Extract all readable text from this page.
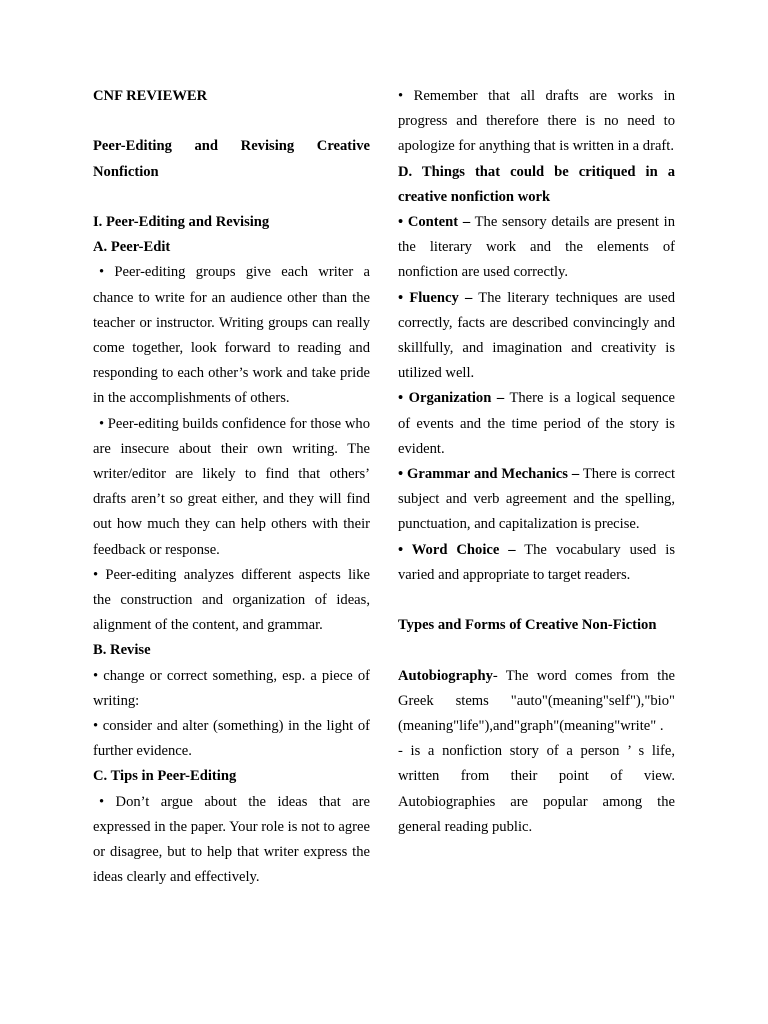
CNF REVIEWER

Peer-Editing and Revising Creative Nonfiction

I. Peer-Editing and Revising

A. Peer-Edit

• Peer-editing groups give each writer a chance to write for an audience other than the teacher or instructor. Writing groups can really come together, look forward to reading and responding to each other’s work and take pride in the accomplishments of others.

• Peer-editing builds confidence for those who are insecure about their own writing. The writer/editor are likely to find that others’ drafts aren’t so great either, and they will find out how much they can help others with their feedback or response.

• Peer-editing analyzes different aspects like the construction and organization of ideas, alignment of the content, and grammar.

B. Revise

• change or correct something, esp. a piece of writing:

• consider and alter (something) in the light of further evidence.

C. Tips in Peer-Editing

• Don’t argue about the ideas that are expressed in the paper. Your role is not to agree or disagree, but to help that writer express the ideas clearly and effectively.

• Remember that all drafts are works in progress and therefore there is no need to apologize for anything that is written in a draft.

D. Things that could be critiqued in a creative nonfiction work

• Content – The sensory details are present in the literary work and the elements of nonfiction are used correctly.

• Fluency – The literary techniques are used correctly, facts are described convincingly and skillfully, and imagination and creativity is utilized well.

• Organization – There is a logical sequence of events and the time period of the story is evident.

• Grammar and Mechanics – There is correct subject and verb agreement and the spelling, punctuation, and capitalization is precise.

• Word Choice – The vocabulary used is varied and appropriate to target readers.

Types and Forms of Creative Non-Fiction

Autobiography- The word comes from the Greek stems "auto"(meaning"self"),"bio"(meaning"life"),and"graph"(meaning"write" .

- is a nonfiction story of a person ’ s life, written from their point of view. Autobiographies are popular among the general reading public.
